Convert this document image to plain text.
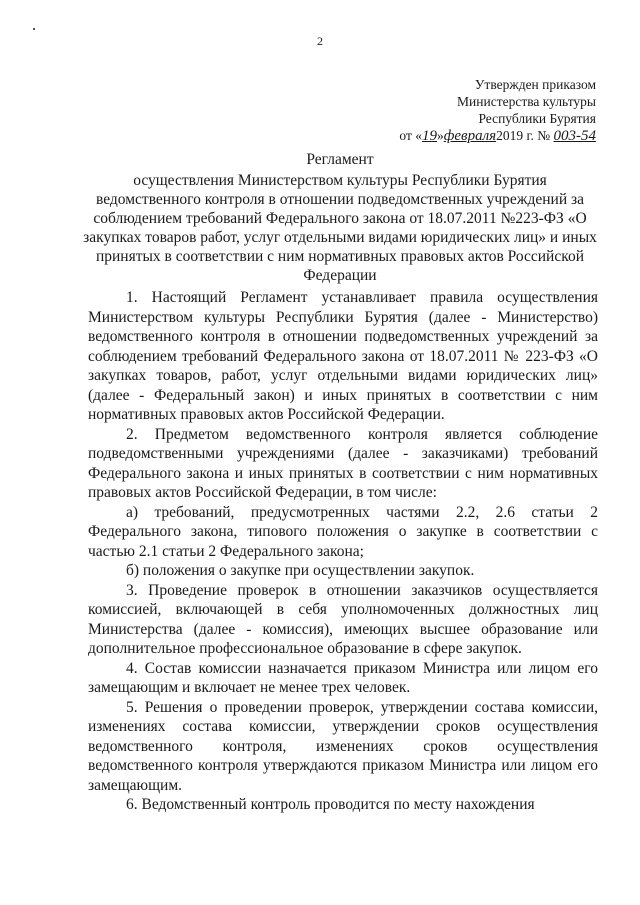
2
Утвержден приказом
Министерства культуры
Республики Бурятия
от «19»февраля2019 г. № 003-54
Регламент
осуществления Министерством культуры Республики Бурятия ведомственного контроля в отношении подведомственных учреждений за соблюдением требований Федерального закона от 18.07.2011 №223-ФЗ «О закупках товаров работ, услуг отдельными видами юридических лиц» и иных принятых в соответствии с ним нормативных правовых актов Российской Федерации

1. Настоящий Регламент устанавливает правила осуществления Министерством культуры Республики Бурятия (далее - Министерство) ведомственного контроля в отношении подведомственных учреждений за соблюдением требований Федерального закона от 18.07.2011 № 223-ФЗ «О закупках товаров, работ, услуг отдельными видами юридических лиц» (далее - Федеральный закон) и иных принятых в соответствии с ним нормативных правовых актов Российской Федерации.

2. Предметом ведомственного контроля является соблюдение подведомственными учреждениями (далее - заказчиками) требований Федерального закона и иных принятых в соответствии с ним нормативных правовых актов Российской Федерации, в том числе:

а) требований, предусмотренных частями 2.2, 2.6 статьи 2 Федерального закона, типового положения о закупке в соответствии с частью 2.1 статьи 2 Федерального закона;

б) положения о закупке при осуществлении закупок.

3. Проведение проверок в отношении заказчиков осуществляется комиссией, включающей в себя уполномоченных должностных лиц Министерства (далее - комиссия), имеющих высшее образование или дополнительное профессиональное образование в сфере закупок.

4. Состав комиссии назначается приказом Министра или лицом его замещающим и включает не менее трех человек.

5. Решения о проведении проверок, утверждении состава комиссии, изменениях состава комиссии, утверждении сроков осуществления ведомственного контроля, изменениях сроков осуществления ведомственного контроля утверждаются приказом Министра или лицом его замещающим.

6. Ведомственный контроль проводится по месту нахождения
